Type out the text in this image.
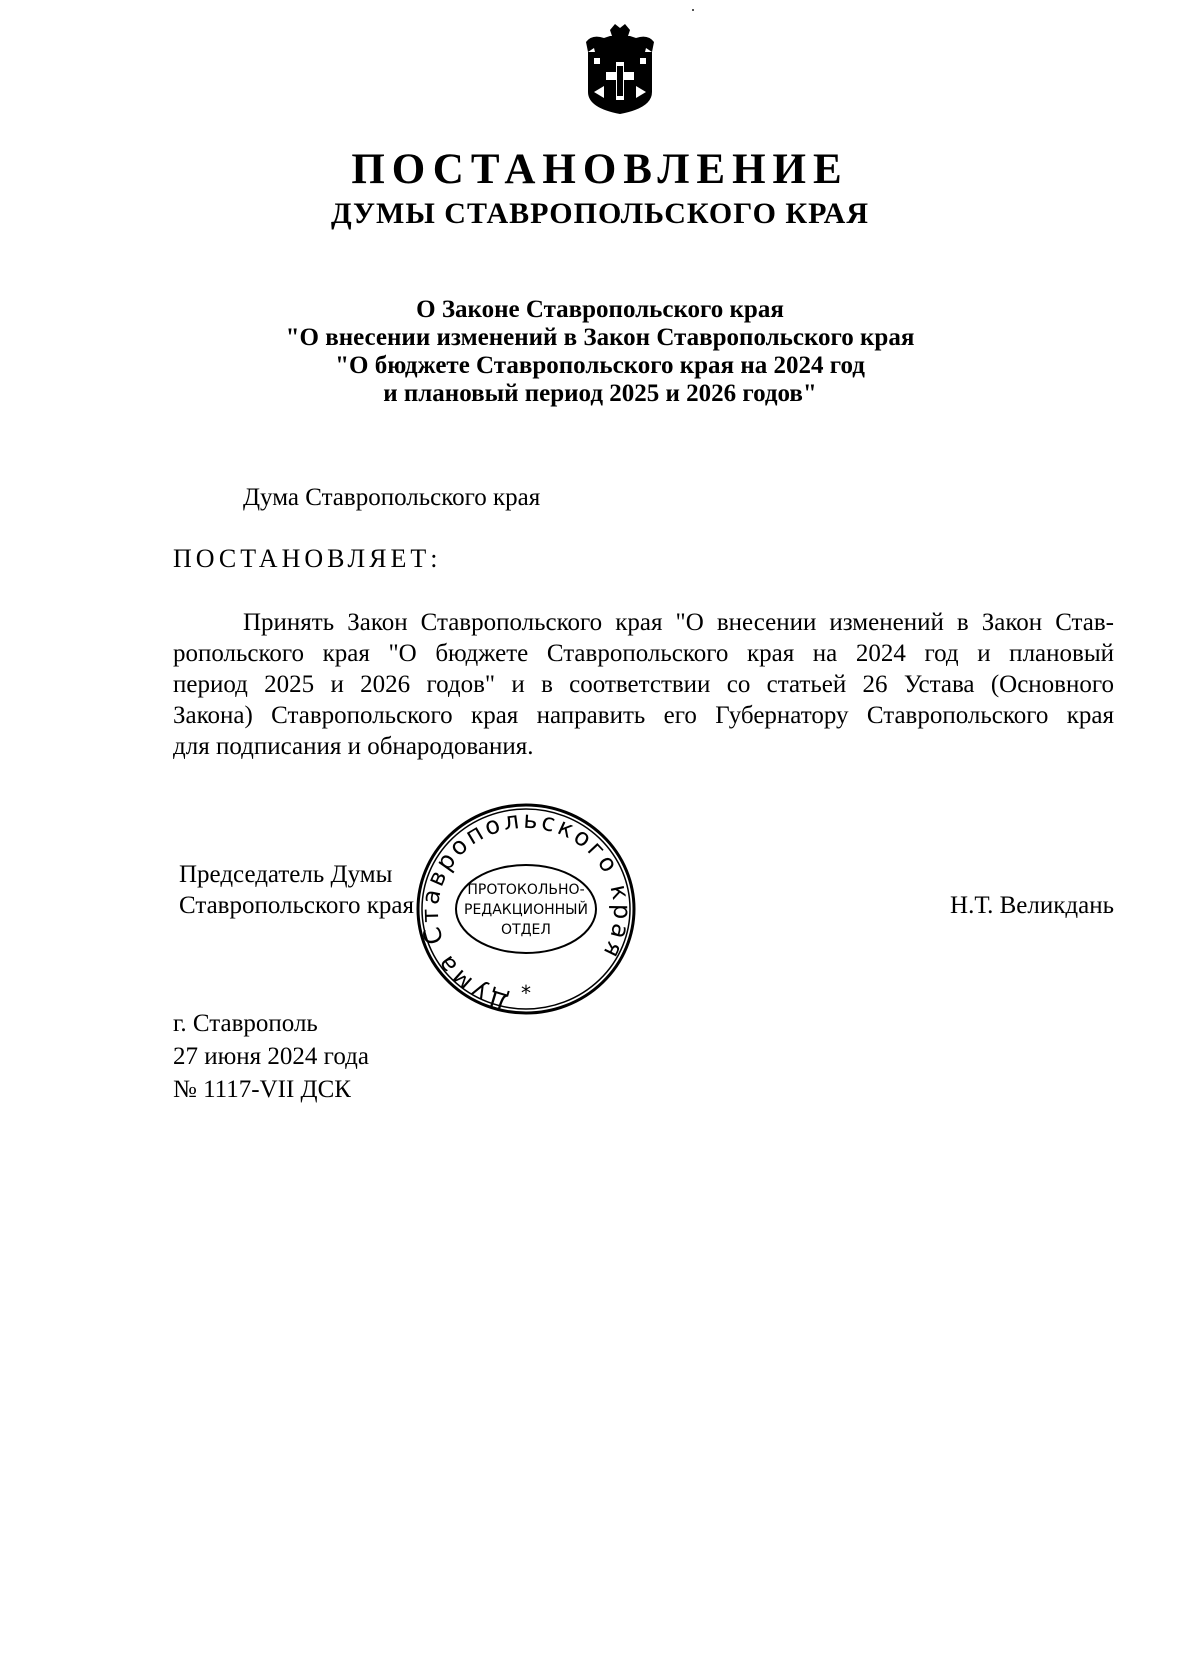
ПОСТАНОВЛЕНИЕ
ДУМЫ СТАВРОПОЛЬСКОГО КРАЯ
О Законе Ставропольского края
"О внесении изменений в Закон Ставропольского края
"О бюджете Ставропольского края на 2024 год
и плановый период 2025 и 2026 годов"
Дума Ставропольского края
ПОСТАНОВЛЯЕТ:
Принять Закон Ставропольского края "О внесении изменений в Закон Став-
ропольского края "О бюджете Ставропольского края на 2024 год и плановый
период 2025 и 2026 годов" и в соответствии со статьей 26 Устава (Основного
Закона) Ставропольского края направить его Губернатору Ставропольского края
для подписания и обнародования.
Председатель Думы
Ставропольского края	Н.Т. Великдань
Дума Ставропольского края
ПРОТОКОЛЬНО-
РЕДАКЦИОННЫЙ
ОТДЕЛ
*
г. Ставрополь
27 июня 2024 года
№ 1117-VII ДСК
